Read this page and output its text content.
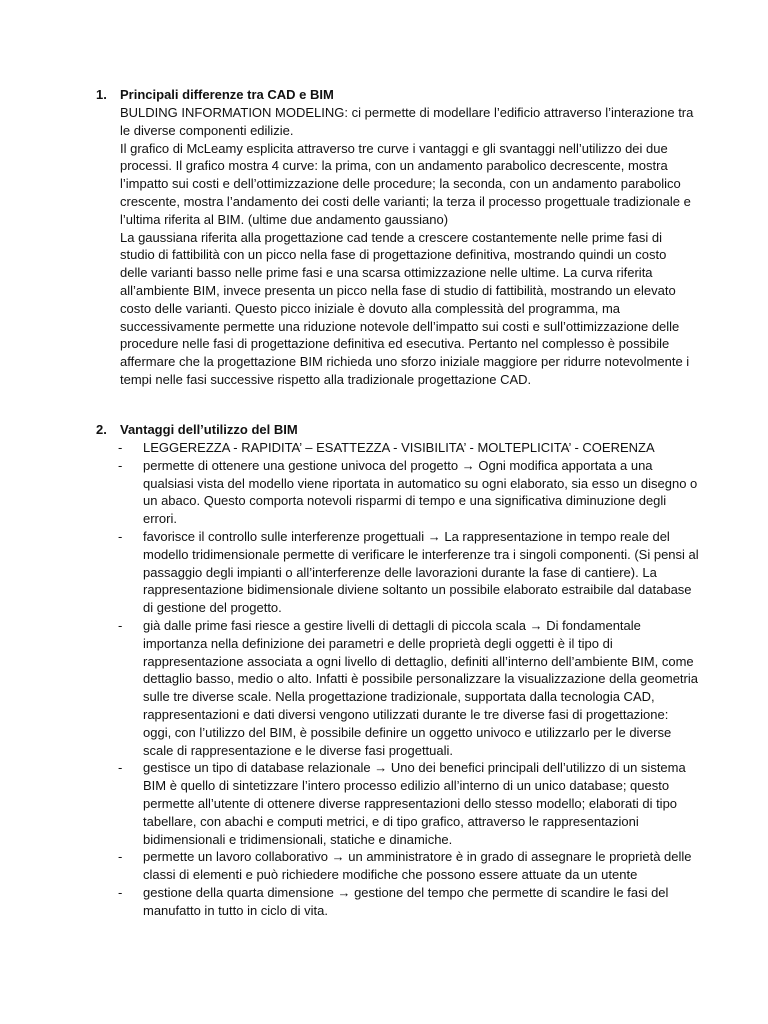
1. Principali differenze tra CAD e BIM

BULDING INFORMATION MODELING: ci permette di modellare l’edificio attraverso l’interazione tra le diverse componenti edilizie.

Il grafico di McLeamy esplicita attraverso tre curve i vantaggi e gli svantaggi nell’utilizzo dei due processi. Il grafico mostra 4 curve: la prima, con un andamento parabolico decrescente, mostra l’impatto sui costi e dell’ottimizzazione delle procedure; la seconda, con un andamento parabolico crescente, mostra l’andamento dei costi delle varianti; la terza il processo progettuale tradizionale e l’ultima riferita al BIM. (ultime due andamento gaussiano)

La gaussiana riferita alla progettazione cad tende a crescere costantemente nelle prime fasi di studio di fattibilità con un picco nella fase di progettazione definitiva, mostrando quindi un costo delle varianti basso nelle prime fasi e una scarsa ottimizzazione nelle ultime. La curva riferita all’ambiente BIM, invece presenta un picco nella fase di studio di fattibilità, mostrando un elevato costo delle varianti. Questo picco iniziale è dovuto alla complessità del programma, ma successivamente permette una riduzione notevole dell’impatto sui costi e sull’ottimizzazione delle procedure nelle fasi di progettazione definitiva ed esecutiva. Pertanto nel complesso è possibile affermare che la progettazione BIM richieda uno sforzo iniziale maggiore per ridurre notevolmente i tempi nelle fasi successive rispetto alla tradizionale progettazione CAD.

2. Vantaggi dell’utilizzo del BIM
- LEGGEREZZA - RAPIDITA’ – ESATTEZZA - VISIBILITA’ - MOLTEPLICITA’ - COERENZA
- permette di ottenere una gestione univoca del progetto → Ogni modifica apportata a una qualsiasi vista del modello viene riportata in automatico su ogni elaborato, sia esso un disegno o un abaco. Questo comporta notevoli risparmi di tempo e una significativa diminuzione degli errori.
- favorisce il controllo sulle interferenze progettuali → La rappresentazione in tempo reale del modello tridimensionale permette di verificare le interferenze tra i singoli componenti. (Si pensi al passaggio degli impianti o all’interferenze delle lavorazioni durante la fase di cantiere). La rappresentazione bidimensionale diviene soltanto un possibile elaborato estraibile dal database di gestione del progetto.
- già dalle prime fasi riesce a gestire livelli di dettagli di piccola scala → Di fondamentale importanza nella definizione dei parametri e delle proprietà degli oggetti è il tipo di rappresentazione associata a ogni livello di dettaglio, definiti all’interno dell’ambiente BIM, come dettaglio basso, medio o alto. Infatti è possibile personalizzare la visualizzazione della geometria sulle tre diverse scale. Nella progettazione tradizionale, supportata dalla tecnologia CAD, rappresentazioni e dati diversi vengono utilizzati durante le tre diverse fasi di progettazione: oggi, con l’utilizzo del BIM, è possibile definire un oggetto univoco e utilizzarlo per le diverse scale di rappresentazione e le diverse fasi progettuali.
- gestisce un tipo di database relazionale → Uno dei benefici principali dell’utilizzo di un sistema BIM è quello di sintetizzare l’intero processo edilizio all’interno di un unico database; questo permette all’utente di ottenere diverse rappresentazioni dello stesso modello; elaborati di tipo tabellare, con abachi e computi metrici, e di tipo grafico, attraverso le rappresentazioni bidimensionali e tridimensionali, statiche e dinamiche.
- permette un lavoro collaborativo → un amministratore è in grado di assegnare le proprietà delle classi di elementi e può richiedere modifiche che possono essere attuate da un utente
- gestione della quarta dimensione → gestione del tempo che permette di scandire le fasi del manufatto in tutto in ciclo di vita.
